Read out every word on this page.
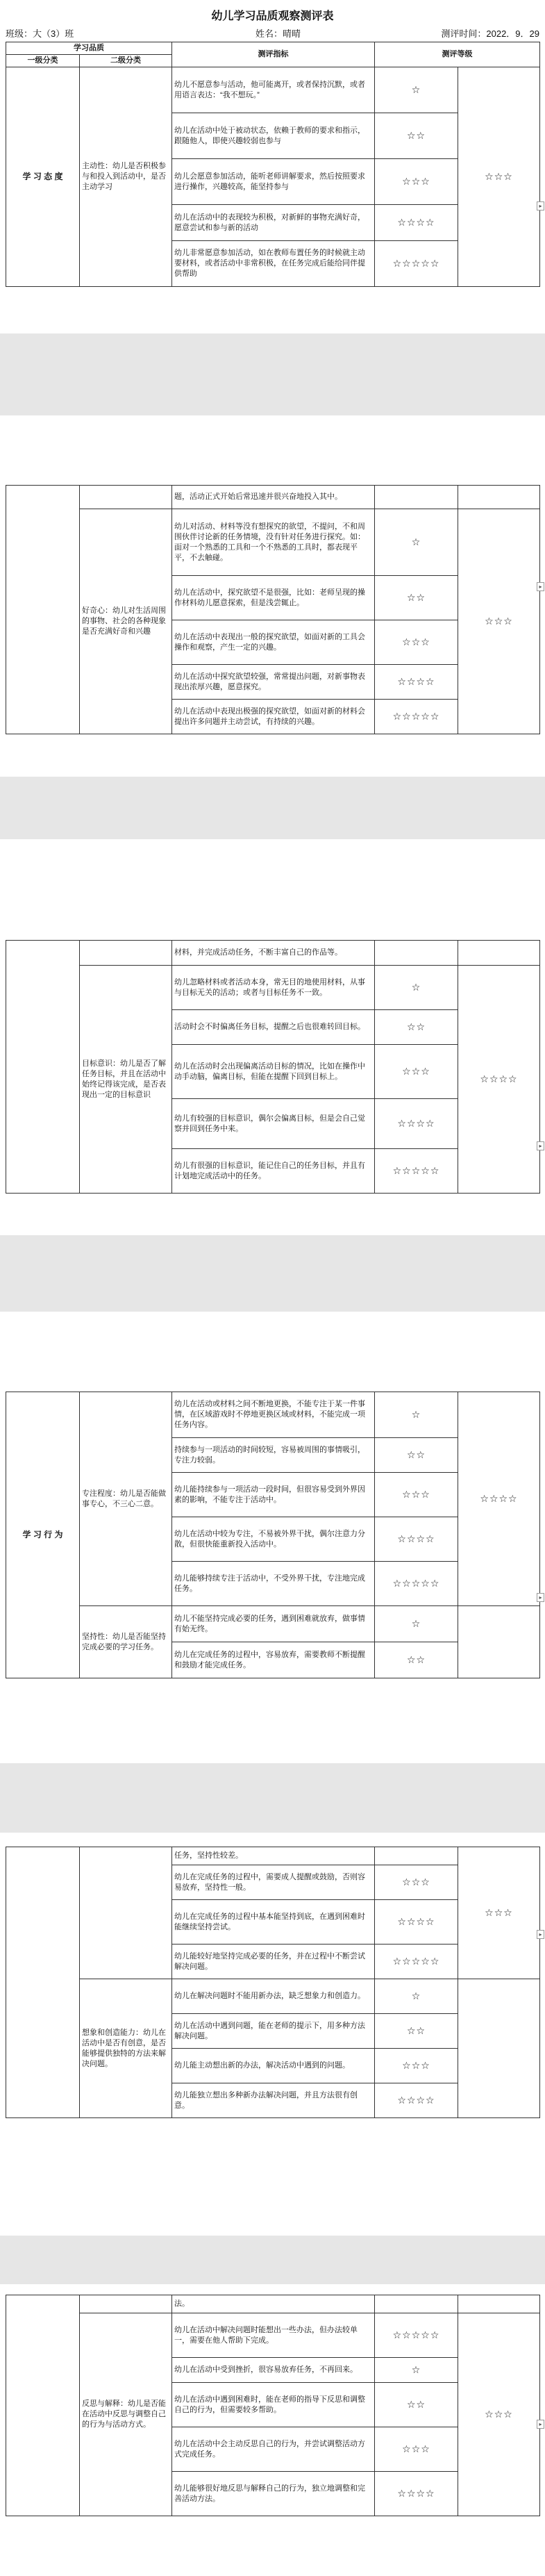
幼儿学习品质观察测评表
班级：大（3）班	姓名：晴晴	测评时间：2022．9．29
学习品质		测评指标	测评等级	
一级分类	二级分类			
学 习 态 度	主动性：幼儿是否积极参与和投入到活动中，是否主动学习	幼儿不愿意参与活动，他可能离开，或者保持沉默，或者用语言表达：“我不想玩。”	☆	☆☆☆
		幼儿在活动中处于被动状态，依赖于教师的要求和指示，跟随他人，即使兴趣较弱也参与	☆☆	
		幼儿会愿意参加活动，能听老师讲解要求，然后按照要求进行操作，兴趣较高，能坚持参与	☆☆☆	
		幼儿在活动中的表现较为积极，对新鲜的事物充满好奇，愿意尝试和参与新的活动	☆☆☆☆	
		幼儿非常愿意参加活动，如在教师布置任务的时候就主动要材料，或者活动中非常积极，在任务完成后能给同伴提供帮助	☆☆☆☆☆	
▸
		题，活动正式开始后常迅速并很兴奋地投入其中。		
	好奇心：幼儿对生活周围的事物、社会的各种现象是否充满好奇和兴趣	幼儿对活动、材料等没有想探究的欲望，不提问，不和周围伙伴讨论新的任务情境，没有针对任务进行探究。如：面对一个熟悉的工具和一个不熟悉的工具时，都表现平平，不去触碰。	☆	☆☆☆
		幼儿在活动中，探究欲望不是很强，比如：老师呈现的操作材料幼儿愿意探索，但是浅尝辄止。	☆☆	
		幼儿在活动中表现出一般的探究欲望，如面对新的工具会操作和观察，产生一定的兴趣。	☆☆☆	
		幼儿在活动中探究欲望较强，常常提出问题，对新事物表现出浓厚兴趣，愿意探究。	☆☆☆☆	
		幼儿在活动中表现出极强的探究欲望，如面对新的材料会提出许多问题并主动尝试，有持续的兴趣。	☆☆☆☆☆	
▸
		材料，并完成活动任务，不断丰富自己的作品等。		
	目标意识：幼儿是否了解任务目标，并且在活动中始终记得该完成，是否表现出一定的目标意识	幼儿忽略材料或者活动本身，常无目的地使用材料，从事与目标无关的活动；或者与目标任务不一致。	☆	☆☆☆☆
		活动时会不时偏离任务目标，提醒之后也很难转回目标。	☆☆	
		幼儿在活动时会出现偏离活动目标的情况，比如在操作中动手动脑，偏离目标，但能在提醒下回到目标上。	☆☆☆	
		幼儿有较强的目标意识，偶尔会偏离目标，但是会自己觉察并回到任务中来。	☆☆☆☆	
		幼儿有很强的目标意识，能记住自己的任务目标，并且有计划地完成活动中的任务。	☆☆☆☆☆	
▸
学 习 行 为	专注程度：幼儿是否能做事专心，不三心二意。	幼儿在活动或材料之间不断地更换，不能专注于某一件事情，在区域游戏时不停地更换区域或材料，不能完成一项任务内容。	☆	☆☆☆☆
		持续参与一项活动的时间较短，容易被周围的事情吸引，专注力较弱。	☆☆	
		幼儿能持续参与一项活动一段时间，但很容易受到外界因素的影响，不能专注于活动中。	☆☆☆	
		幼儿在活动中较为专注，不易被外界干扰，偶尔注意力分散，但很快能重新投入活动中。	☆☆☆☆	
		幼儿能够持续专注于活动中，不受外界干扰，专注地完成任务。	☆☆☆☆☆	
	坚持性：幼儿是否能坚持完成必要的学习任务。	幼儿不能坚持完成必要的任务，遇到困难就放弃，做事情有始无终。	☆	
		幼儿在完成任务的过程中，容易放弃，需要教师不断提醒和鼓励才能完成任务。	☆☆	
▸
		任务，坚持性较差。		☆☆☆
		幼儿在完成任务的过程中，需要成人提醒或鼓励，否则容易放弃，坚持性一般。	☆☆☆	
		幼儿在完成任务的过程中基本能坚持到底，在遇到困难时能继续坚持尝试。	☆☆☆☆	
		幼儿能较好地坚持完成必要的任务，并在过程中不断尝试解决问题。	☆☆☆☆☆	
	想象和创造能力：幼儿在活动中是否有创意，是否能够提供独特的方法来解决问题。	幼儿在解决问题时不能用新办法，缺乏想象力和创造力。	☆	
		幼儿在活动中遇到问题，能在老师的提示下，用多种方法解决问题。	☆☆	
		幼儿能主动想出新的办法，解决活动中遇到的问题。	☆☆☆	
		幼儿能独立想出多种新办法解决问题，并且方法很有创意。	☆☆☆☆	
▸
		法。		
	反思与解释：幼儿是否能在活动中反思与调整自己的行为与活动方式。	幼儿在活动中解决问题时能想出一些办法，但办法较单一，需要在他人帮助下完成。	☆☆☆☆☆	☆☆☆
		幼儿在活动中受到挫折，很容易放弃任务，不再回来。	☆	
		幼儿在活动中遇到困难时，能在老师的指导下反思和调整自己的行为，但需要较多帮助。	☆☆	
		幼儿在活动中会主动反思自己的行为，并尝试调整活动方式完成任务。	☆☆☆	
		幼儿能够很好地反思与解释自己的行为，独立地调整和完善活动方法。	☆☆☆☆	
▸
